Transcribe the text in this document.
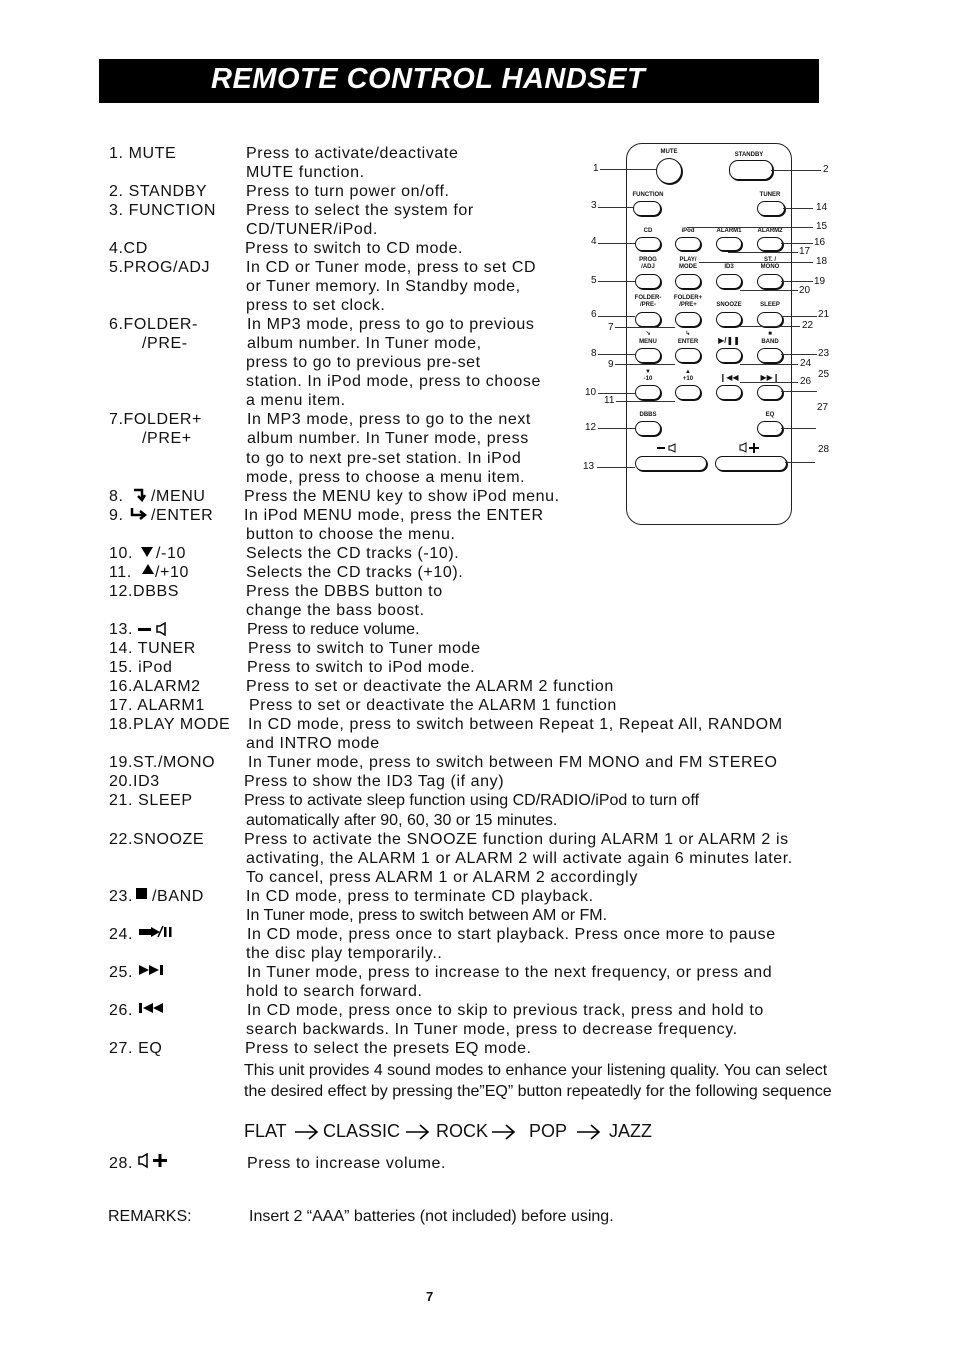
REMOTE CONTROL HANDSET
1. MUTE	Press to activate/deactivate
MUTE function.
2. STANDBY Press to turn power on/off.
3. FUNCTION Press to select the system for
CD/TUNER/iPod.
4.CD	Press to switch to CD mode.
5.PROG/ADJ In CD or Tuner mode, press to set CD
or Tuner memory. In Standby mode,
press to set clock.
6.FOLDER-
/PRE-
In MP3 mode, press to go to previous
album number. In Tuner mode,
press to go to previous pre-set
station. In iPod mode, press to choose
a menu item.
7.FOLDER+
/PRE+
In MP3 mode, press to go to the next
album number. In Tuner mode, press
to go to next pre-set station. In iPod
mode, press to choose a menu item.
8. /MENU Press the MENU key to show iPod menu.
9. /ENTER In iPod MENU mode, press the ENTER
button to choose the menu.
10. /-10	Selects the CD tracks (-10).
11. /+10	Selects the CD tracks (+10).
12.DBBS	Press the DBBS button to
change the bass boost.
13.	Press to reduce volume.
14. TUNER	Press to switch to Tuner mode
15. iPod	Press to switch to iPod mode.
16.ALARM2	Press to set or deactivate the ALARM 2 function
17. ALARM1	Press to set or deactivate the ALARM 1 function
18.PLAY MODE In CD mode, press to switch between Repeat 1, Repeat All, RANDOM
and INTRO mode
19.ST./MONO In Tuner mode, press to switch between FM MONO and FM STEREO
20.ID3	Press to show the ID3 Tag (if any)
21. SLEEP	Press to activate sleep function using CD/RADIO/iPod to turn off
automatically after 90, 60, 30 or 15 minutes.
22.SNOOZE Press to activate the SNOOZE function during ALARM 1 or ALARM 2 is
activating, the ALARM 1 or ALARM 2 will activate again 6 minutes later.
To cancel, press ALARM 1 or ALARM 2 accordingly
23. /BAND	In CD mode, press to terminate CD playback.
In Tuner mode, press to switch between AM or FM.
24.	In CD mode, press once to start playback. Press once more to pause
the disc play temporarily..
25.	In Tuner mode, press to increase to the next frequency, or press and
hold to search forward.
26.	In CD mode, press once to skip to previous track, press and hold to
search backwards. In Tuner mode, press to decrease frequency.
27. EQ	Press to select the presets EQ mode.
This unit provides 4 sound modes to enhance your listening quality. You can select
the desired effect by pressing the”EQ” button repeatedly for the following sequence
FLAT CLASSIC ROCK POP JAZZ
28.	Press to increase volume.
REMARKS:	Insert 2 “AAA” batteries (not included) before using.
MUTE	STANDBY
FUNCTION	TUNER
CD	iPod	ALARM1	ALARM2
PROG
/ADJ
PLAY/
MODE	ID3
ST. /
MONO
FOLDER-
/PRE-
FOLDER+
/PRE+	SNOOZE	SLEEP
↘
MENU
↳
ENTER	▶/❚❚
■
BAND
▼
-10
▲
+10	❙◀◀	▶▶❙
DBBS	EQ
1	2
3
4
5
6
7
8
9
10
11
12
13
14
15
16
17
18
19
20
21
22
23
24
25
26
27
28
7
